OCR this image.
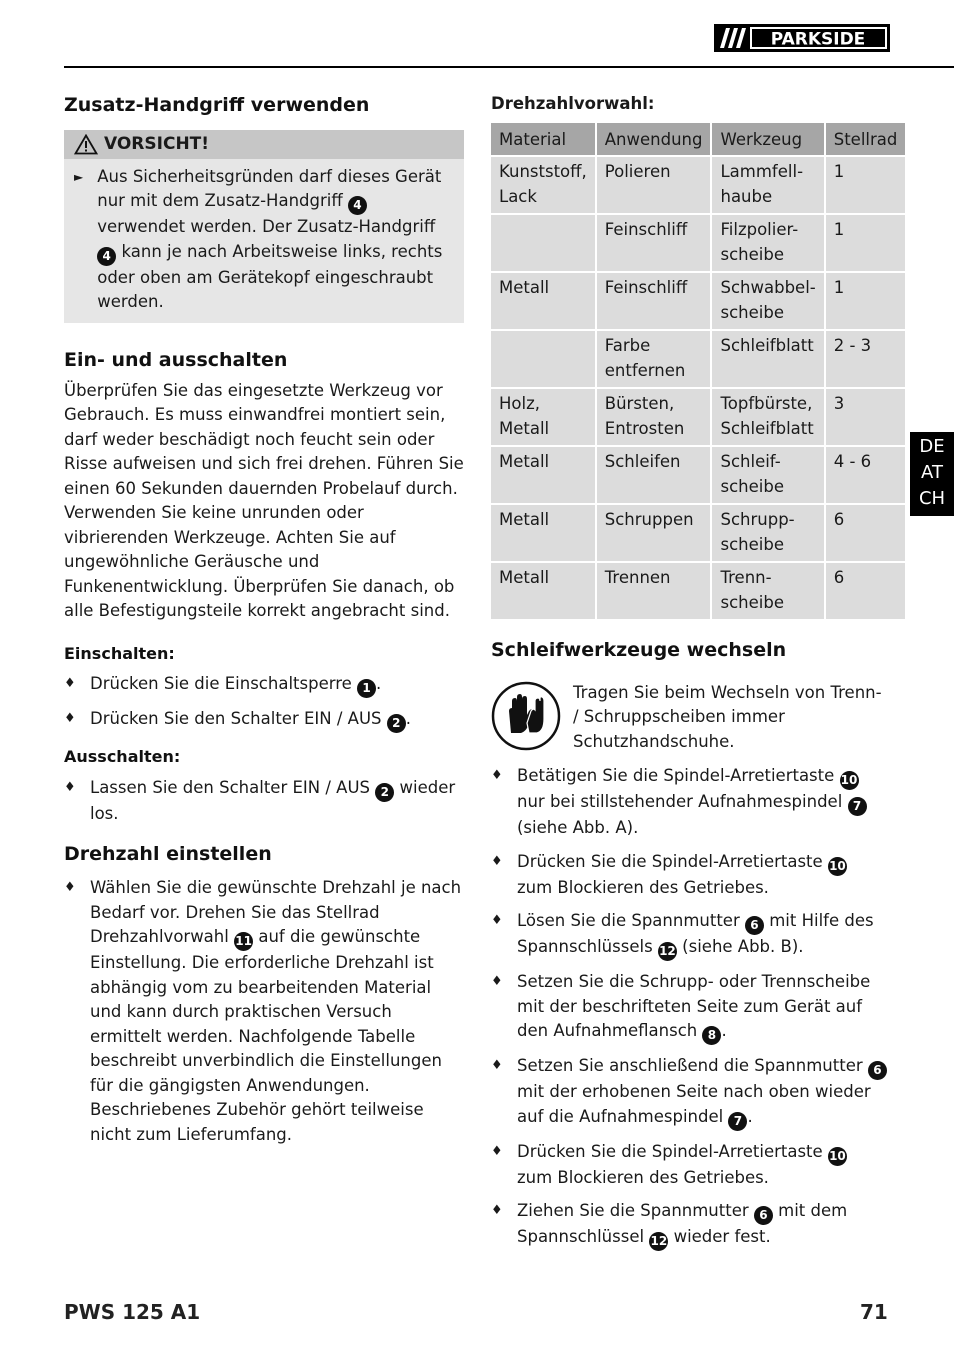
PARKSIDE
Zusatz-Handgriff verwenden
VORSICHT!
► Aus Sicherheitsgründen darf dieses Gerät nur mit dem Zusatz-Handgriff 4 verwendet werden. Der Zusatz-Handgriff 4 kann je nach Arbeitsweise links, rechts oder oben am Gerätekopf eingeschraubt werden.
Ein- und ausschalten

Überprüfen Sie das eingesetzte Werkzeug vor Gebrauch. Es muss einwandfrei montiert sein, darf weder beschädigt noch feucht sein oder Risse aufweisen und sich frei drehen. Führen Sie einen 60 Sekunden dauernden Probelauf durch. Verwenden Sie keine unrunden oder vibrierenden Werkzeuge. Achten Sie auf ungewöhnliche Geräusche und Funkenentwicklung. Überprüfen Sie danach, ob alle Befestigungsteile korrekt angebracht sind.

Einschalten:
♦ Drücken Sie die Einschaltsperre 1 .
♦ Drücken Sie den Schalter EIN / AUS 2 .
Ausschalten:
♦ Lassen Sie den Schalter EIN / AUS 2 wieder los.
Drehzahl einstellen
♦ Wählen Sie die gewünschte Drehzahl je nach Bedarf vor. Drehen Sie das Stellrad Drehzahlvorwahl 11 auf die gewünschte Einstellung. Die erforderliche Drehzahl ist abhängig vom zu bearbeitenden Material und kann durch praktischen Versuch ermittelt werden. Nachfolgende Tabelle beschreibt unverbindlich die Einstellungen für die gängigsten Anwendungen. Beschriebenes Zubehör gehört teilweise nicht zum Lieferumfang.
Drehzahlvorwahl:
Material	Anwendung	Werkzeug	Stellrad
Kunststoff, Lack	Polieren	Lammfell-haube	1
	Feinschliff	Filzpolier-scheibe	1
Metall	Feinschliff	Schwabbel-scheibe	1
	Farbe entfernen	Schleifblatt	2 - 3
Holz, Metall	Bürsten, Entrosten	Topfbürste, Schleifblatt	3
Metall	Schleifen	Schleif-scheibe	4 - 6
Metall	Schruppen	Schrupp-scheibe	6
Metall	Trennen	Trenn-scheibe	6
Schleifwerkzeuge wechseln

Tragen Sie beim Wechseln von Trenn- / Schruppscheiben immer Schutzhandschuhe.

♦ Betätigen Sie die Spindel-Arretiertaste 10 nur bei stillstehender Aufnahmespindel 7 (siehe Abb. A).
♦ Drücken Sie die Spindel-Arretiertaste 10 zum Blockieren des Getriebes.
♦ Lösen Sie die Spannmutter 6 mit Hilfe des Spannschlüssels 12 (siehe Abb. B).
♦ Setzen Sie die Schrupp- oder Trennscheibe mit der beschrifteten Seite zum Gerät auf den Aufnahmeflansch 8 .
♦ Setzen Sie anschließend die Spannmutter 6 mit der erhobenen Seite nach oben wieder auf die Aufnahmespindel 7 .
♦ Drücken Sie die Spindel-Arretiertaste 10 zum Blockieren des Getriebes.
♦ Ziehen Sie die Spannmutter 6 mit dem Spannschlüssel 12 wieder fest.
DE
AT
CH
PWS 125 A1	71
